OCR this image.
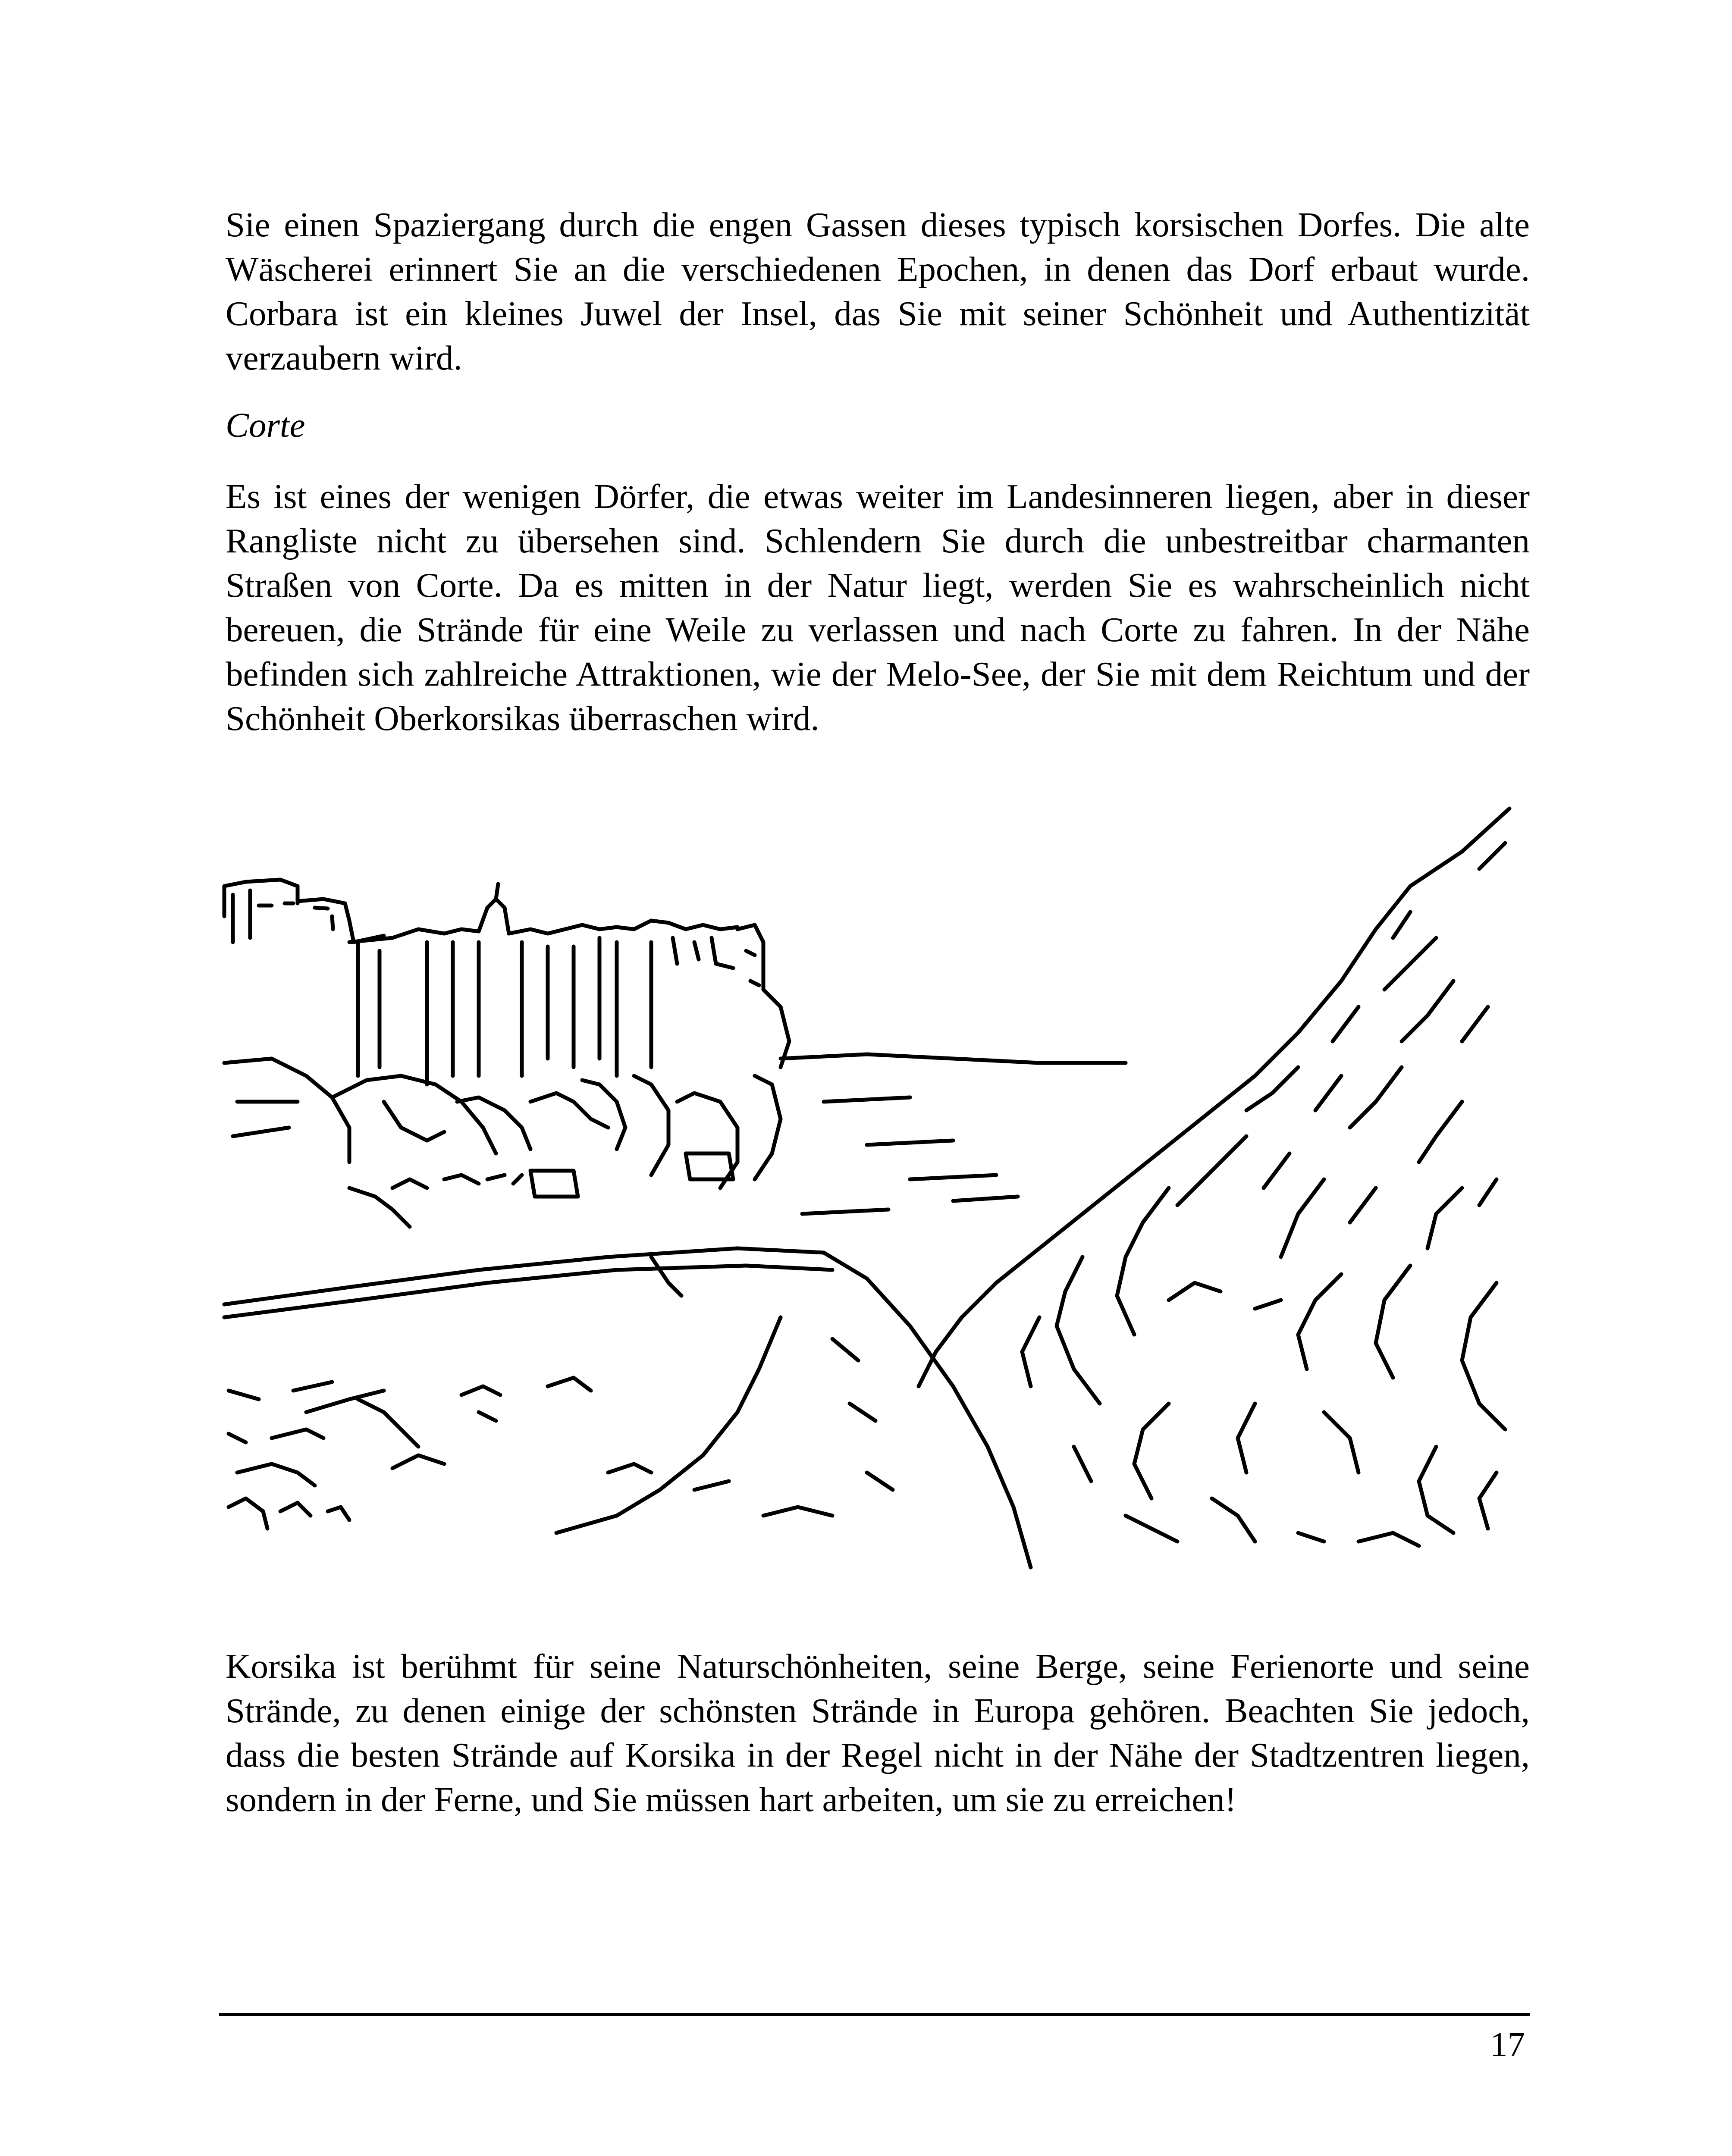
Sie einen Spaziergang durch die engen Gassen dieses typisch korsischen Dorfes. Die alte Wäscherei erinnert Sie an die verschiedenen Epochen, in denen das Dorf erbaut wurde. Corbara ist ein kleines Juwel der Insel, das Sie mit seiner Schönheit und Authentizität verzaubern wird.
Corte
Es ist eines der wenigen Dörfer, die etwas weiter im Landesinneren liegen, aber in dieser Rangliste nicht zu übersehen sind. Schlendern Sie durch die unbestreitbar charmanten Straßen von Corte. Da es mitten in der Natur liegt, werden Sie es wahrscheinlich nicht bereuen, die Strände für eine Weile zu verlassen und nach Corte zu fahren. In der Nähe befinden sich zahlreiche Attraktionen, wie der Melo-See, der Sie mit dem Reichtum und der Schönheit Oberkorsikas überraschen wird.
Korsika ist berühmt für seine Naturschönheiten, seine Berge, seine Ferienorte und seine Strände, zu denen einige der schönsten Strände in Europa gehören. Beachten Sie jedoch, dass die besten Strände auf Korsika in der Regel nicht in der Nähe der Stadtzentren liegen, sondern in der Ferne, und Sie müssen hart arbeiten, um sie zu erreichen!
17
